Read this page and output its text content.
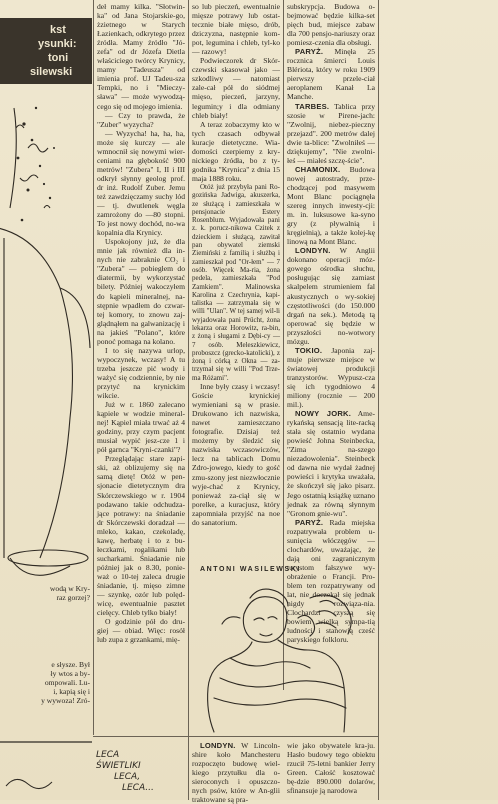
kst
ysunki:
toni
silewski
wodą w Kry-
raz gorzej?
e słysze. Był
ły wtos a by-
ompowali. Lu-
i, kapią się i
y wywoza! Zró-
LECA ŚWIETLIKI
LECA,
LECA...

deł mamy kilka. "Słotwin-ka" od Jana Stojarskie-go, żzietnego w Starych Łazienkach, odkrytego przez źródła. Mamy źródło "Jó-zefa" od dr Józefa Dietla właściciego twórcy Krynicy, mamy "Tadeusza" od imienia prof. UJ Tadeu-sza Tempki, no i "Mieczy-sława" — może wywodzą-cego się od mojego imienia.

— Czy to prawda, że "Zuber" wyzycha?

— Wyzycha! ha, ha, ha, może się kurczy — ale wmnocnił się nowymi wier-ceniami na głębokość 900 metrów! "Zubera" I, II i III odkrył słynny geolog prof. dr inż. Rudolf Zuber. Jemu też zawdzięczamy suchy lód — tj. dwutlenek węgla zamrożony do —80 stopni. To jest nowy dochód, no-wa kopalnia dla Krynicy.

Uspokojony już, że dla mnie jak również dla in-nych nie zabraknie CO₂ i "Zubera" — pobiegłem do diatermii, by wykorzystać bilety. Później wakoczyłem do kąpieli mineralnej, na-stępnie wpadłem do czwar-tej komory, to znowu zaj-glądnąłem na galwanizację i na jakieś "Polano", które ponoć pomaga na kolano.

I to się nazywa urlop, wypoczynek, wczasy! A tu trzeba jeszcze pić wody i ważyć się codziennie, by nie przytyć na krynickim wikcie.

Już w r. 1860 zalecano kąpiele w wodzie mineral-nej! Kąpiel miała trwać aż 4 godziny, przy czym pacjent musiał wypić jesz-cze 1 i pół garnca "Kryni-czanki"?

Przeglądając stare zapi-ski, aż oblizujemy się na samą dietę! Otóż w pen-sjonacie dietetycznym dra Skórczewskiego w r. 1904 podawano takie odchudza-jące potrawy: na śniadanie dr Skórczewski doradzał — mleko, kakao, czekoladę, kawę, herbatę i to z bu-łeczkami, rogalikami lub sucharkami. Śniadanie nie później jak o 8.30, ponie-waż o 10-tej zaleca drugie śniadanie, tj. mięso zimne — szynkę, ozór lub polęd-wicę, ewentualnie pasztet cielęcy. Chleb tylko biały!

O godzinie pół do dru-giej — obiad. Więc: rosół lub zupa z grzankami, mię-

so lub pieczeń, ewentualnie mięsze potrawy lub ostat-tecznie białe mięso, drób, dziczyzna, następnie kom-pot, legumina i chleb, tyl-ko — razowy!

Podwieczorek dr Skór-czewski skasował jako — szkodliwy — natomiast zale-cał pół do siódmej mięso, pieczeń, jarzyny, legumin;y i dla odmiany chleb biały!

A teraz zobaczymy kto w tych czasach odbywał kuracje dietetyczne. Wia-domości czerpiemy z kry-nickiego źródła, bo z ty-godnika "Krynica" z dnia 15 maja 1888 roku.

Otóż już przybyła pani Ro-gozińska Jadwiga, akuszerka, ze służącą i zamieszkała w pensjonacie Estery Rosenblum. Wyjadowała pani z. k. porucz-nikowa Czitek z dzieckiem i służącą, zawitał pan obywatel ziemski Ziemiński z familią i służbą i zamieszkał pod "Or-łem" — 7 osób. Więcek Ma-ria, żona pedela, zamieszkała "Pod Zamkiem". Malinowska Karolina z Czechrynia, kapi-talistka — zatrzymała się w willi "Ulan". W tej samej wil-li wyjadowała pani Prücht, żona lekarza oraz Horowitz, ra-bin, z żoną i sługami z Dębi-cy — 7 osób. Meleszkiewicz, proboszcz (grecko-katolicki), z żoną i córką z Okna — za-trzymał się w willi "Pod Trze-ma Różami".

Inne były czasy i wczasy! Goście krynickiej wymieniani są w prasie. Drukowano ich nazwiska, nawet zamieszczano fotografie. Dzisiaj też możemy by śledzić się nazwiska wczasowiczów, lecz na tablicach Domu Zdro-jowego, kiedy to gość zmu-szony jest niezwłocznie wyje-chać z Krynicy, ponieważ za-ciął się w porelke, a kuracjusz, który zapomniała przyjść na noe do sanatorium.

ANTONI WASILEWSKI

subskrypcja. Budowa o-bejmować będzie kilka-set pięch bud, miejsce zabaw dla 700 pensjo-nariuszy oraz pomiesz-czenia dla obsługi.

PARYŻ. Minęła 25 rocznica śmierci Louis Blériota, który w roku 1909 pierwszy przele-ciał aeroplanem Kanał La Manche.

TARBES. Tablica przy szosie w Pirene-jach: "Zwolnij, niebez-pieczny przejazd". 200 metrów dalej dwie ta-blice: "Zwolniłeś — dziękujemy", "Nie zwolni-łeś — miałeś szczę-ście".

CHAMONIX. Budowa nowej autostrady, prze-chodzącej pod masywem Mont Blanc pociągnęła szereg innych inwesty-cji: m. in. luksusowe ka-syno gry (z pływalnią i kręgielnią), a także kolej-kę linową na Mont Blanc.

LONDYN. W Anglii dokonano operacji móz-gowego ośrodka słuchu, posługując się zamiast skalpelem strumieniem fal akustycznych o wy-sokiej częstotliwości (do 150.000 drgań na sek.). Metodą tą operować się będzie w przyszłości no-wotwory mózgu.

TOKIO. Japonia zaj-muje pierwsze miejsce w światowej produkcji tranzystorów. Wypusz-cza się ich tygodniowo 4 miliony (rocznie — 200 mil.).

NOWY JORK. Ame-rykańską sensacją lite-racką stała się ostatnio wydana powieść Johna Steinbecka, "Zima na-szego niezadowolenia". Steinbeck od dawna nie wydał żadnej powieści i krytyka uważała, że skończył się jako pisarz. Jego ostatnią książkę uznano jednak za równą słynnym "Gronom gnie-wu".

PARYŻ. Rada miejska rozpatrywała problem u-sunięcia włóczęgów — clochardów, uważając, że dają oni zagranicznym turystom fałszywe wy-obrażenie o Francji. Pro-blem ten rozpatrywany od lat, nie doczekał się jednak nigdy rozwiąza-nia. Clochardzi czyszą się bowiem wielką sympa-tią ludności i stanowią cześć paryskiego folkloru.

LONDYN. W Lincoln-shire koło Manchesteru rozpoczęto budowę wiel-kiego przytułku dla o-sieroconych i opuszczo-nych psów, które w An-glii traktowane są pra-

wie jako obywatele kra-ju. Hasło budowy tego obiektu rzucił 75-letni bankier Jerry Green. Całość kosztować bę-dzie 890.000 dolarów, sfinansuje ją narodowa
